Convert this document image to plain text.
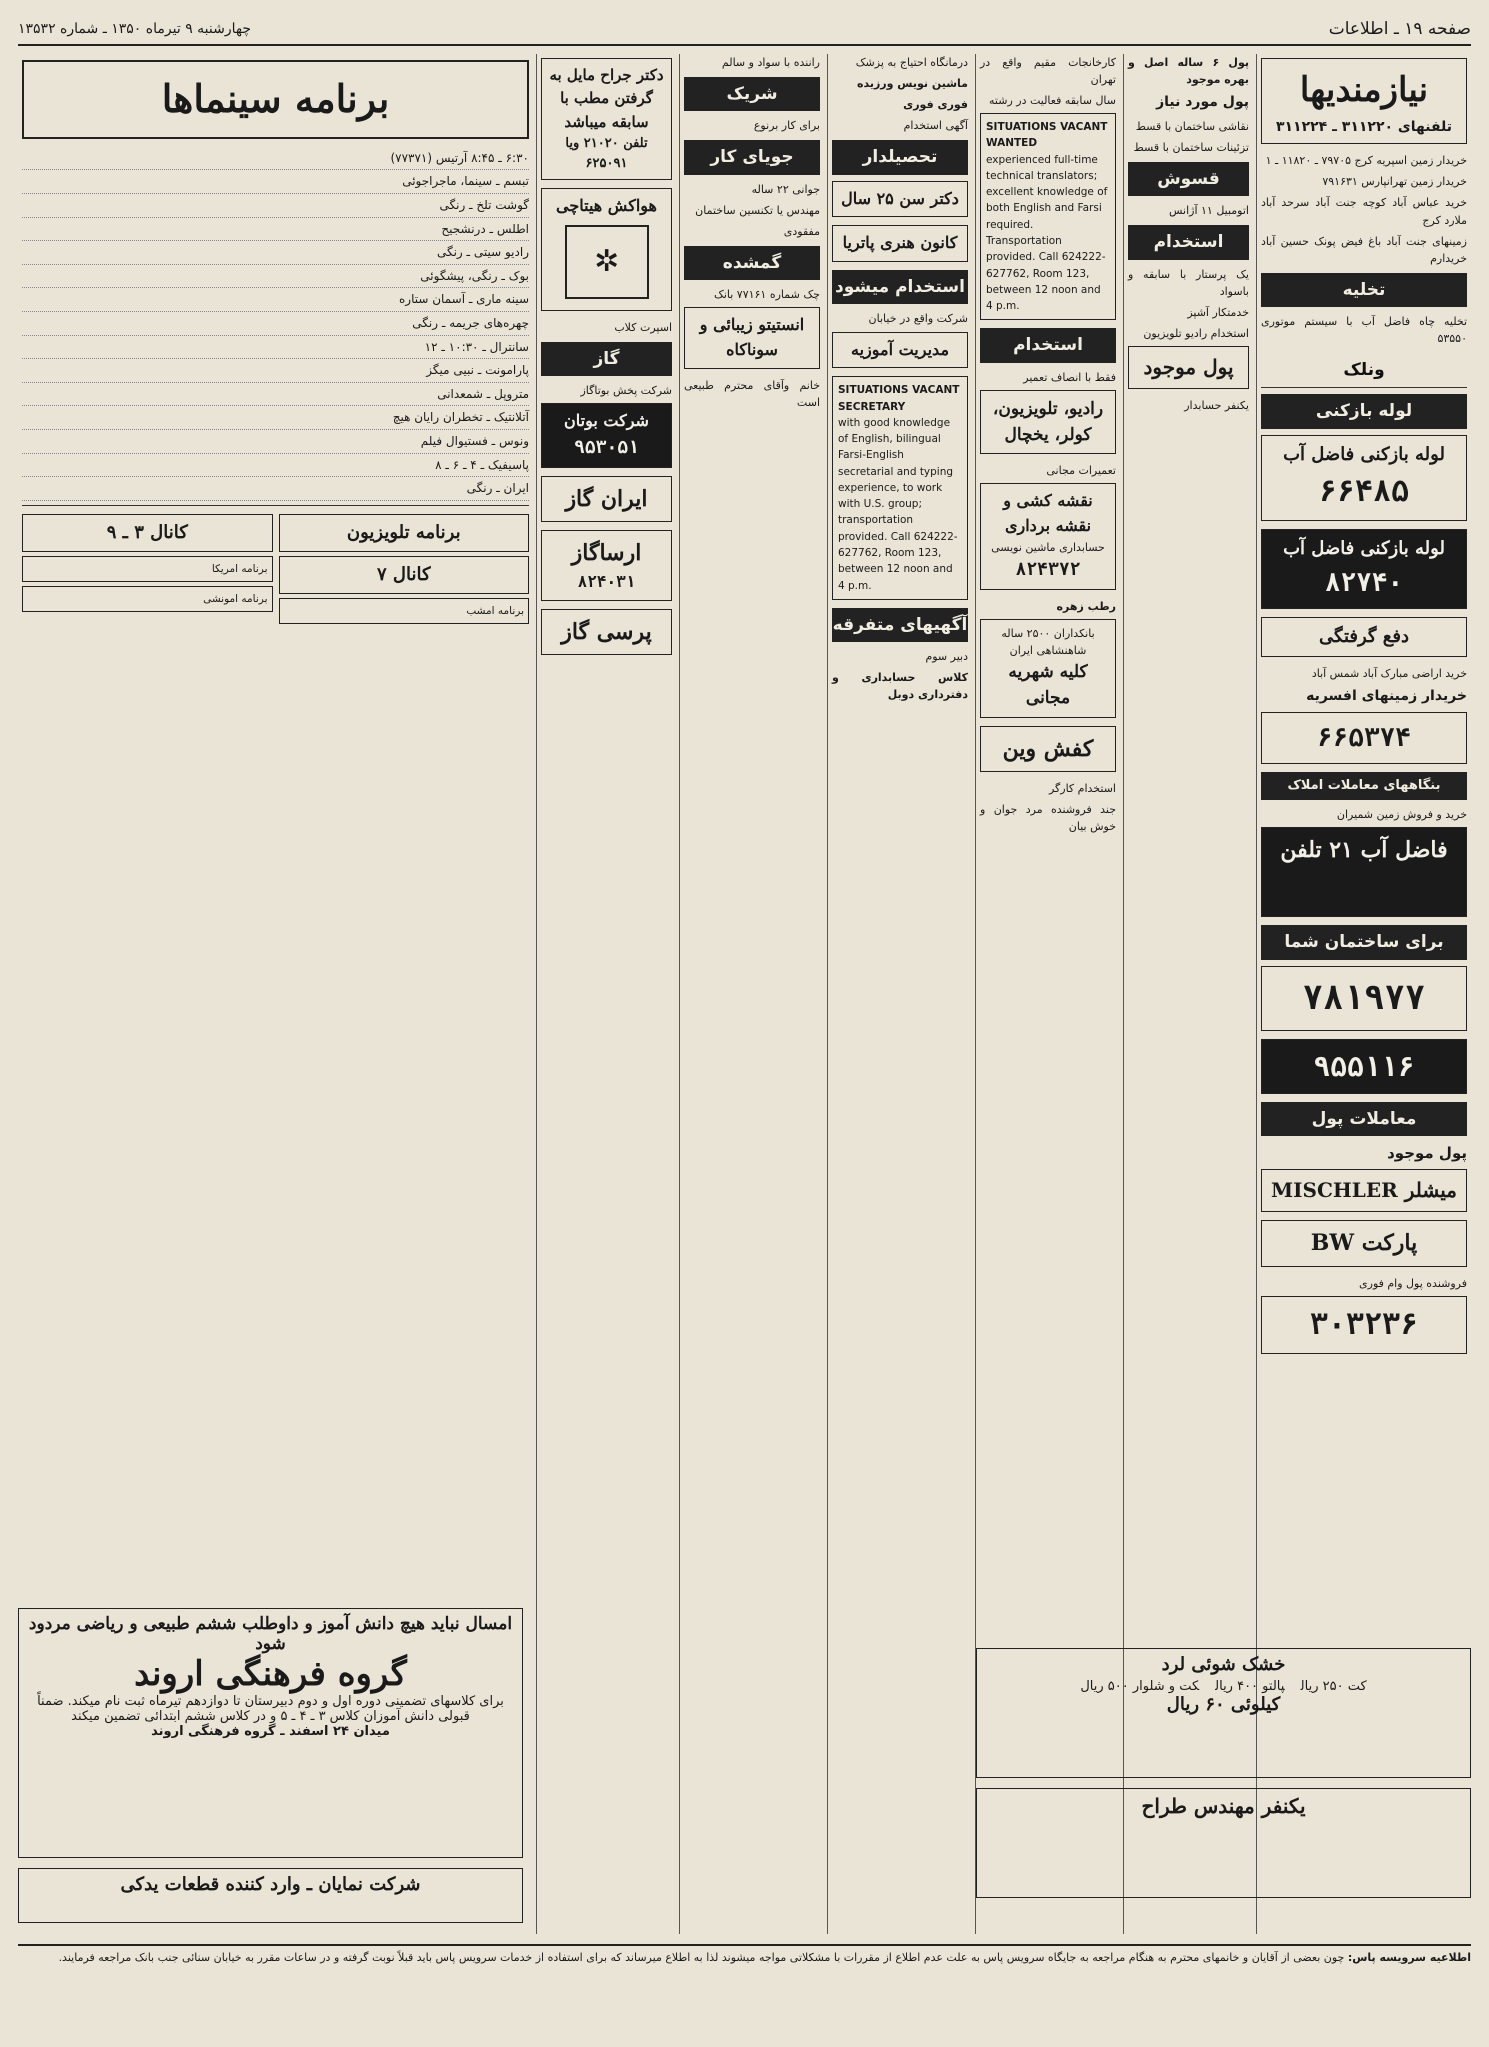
صفحه ۱۹ ـ اطلاعات
چهارشنبه ۹ تیرماه ۱۳۵۰ ـ شماره ۱۳۵۳۲
نیازمندیها
تلفنهای ۳۱۱۲۲۰ ـ ۳۱۱۲۲۴

خریدار زمین اسپریه کرج ۷۹۷۰۵ ـ ۱۱۸۲۰ ـ ۱

خریدار زمین تهرانپارس ۷۹۱۶۳۱

خرید عباس آباد کوچه جنت آباد سرحد آباد ملارد کرج

زمینهای جنت آباد باغ فیض پونک حسین آباد خریدارم

تخلیه

تخلیه چاه فاضل آب با سیستم موتوری ۵۳۵۵۰

ونلک
لوله بازکنی
لوله بازکنی فاضل آب
۶۶۴۸۵
لوله بازکنی فاضل آب
۸۲۷۴۰
دفع گرفتگی

خرید اراضی مبارک آباد شمس آباد

خریدار زمینهای افسریه

۶۶۵۳۷۴
بنگاههای معاملات املاک

خرید و فروش زمین شمیران

فاضل آب ۲۱ تلفن
برای ساختمان شما
۷۸۱۹۷۷
۹۵۵۱۱۶
معاملات پول

پول موجود

میشلر MISCHLER
پارکت BW

فروشنده پول وام فوری

۳۰۳۲۳۶

پول ۶ ساله اصل و بهره موجود

پول مورد نیاز

نقاشی ساختمان با قسط

تزئینات ساختمان با قسط

قسوش

اتومبیل ۱۱ آژانس

استخدام

یک پرستار با سابقه و باسواد

خدمتکار آشپز

استخدام رادیو تلویزیون

پول موجود

یکنفر حسابدار

کارخانجات مقیم واقع در تهران

سال سابقه فعالیت در رشته

SITUATIONS VACANT WANTED
experienced full-time technical translators; excellent knowledge of both English and Farsi required. Transportation provided. Call 624222-627762, Room 123, between 12 noon and 4 p.m.
استخدام

فقط با انصاف تعمیر

رادیو، تلویزیون، کولر، یخچال

تعمیرات مجانی

نقشه کشی و نقشه برداری
حسابداری ماشین نویسی
۸۲۴۳۷۲

رطب زهره

بانکداران ۲۵۰۰ ساله شاهنشاهی ایران
کلیه شهریه مجانی
کفش وین

استخدام کارگر

جند فروشنده مرد جوان و خوش بیان

درمانگاه احتیاج به پزشک

ماشین نویس ورزیده

فوری فوری

آگهی استخدام

تحصیلدار
دکتر سن ۲۵ سال
کانون هنری پاتریا
استخدام میشود

شرکت واقع در خیابان

مدیریت آموزیه
SITUATIONS VACANT SECRETARY
with good knowledge of English, bilingual Farsi-English secretarial and typing experience, to work with U.S. group; transportation provided. Call 624222-627762, Room 123, between 12 noon and 4 p.m.
آگهیهای متفرقه

دبیر سوم

کلاس حسابداری و دفترداری دوبل

راننده با سواد و سالم

شریک

برای کار برنوع

جویای کار

جوانی ۲۲ ساله

مهندس یا تکنسین ساختمان

مفقودی

گمشده

چک شماره ۷۷۱۶۱ بانک

انستیتو زیبائی و سوناکاه

خانم وآقای محترم طبیعی است

دکتر جراح مایل به گرفتن مطب با سابقه میباشد
تلفن ۲۱۰۲۰ ویا ۶۲۵۰۹۱
هواکش هیتاچی
✲

اسپرت کلاب

گاز

شرکت پخش بوتاگاز

شرکت بوتان
۹۵۳۰۵۱
ایران گاز
ارساگاز
۸۲۴۰۳۱
پرسی گاز
برنامه سینماها
۶:۳۰ ـ ۸:۴۵ آرتیس (۷۷۳۷۱)
تبسم ـ سینما، ماجراجوئی
گوشت تلخ ـ رنگی
اطلس ـ درنشجیح
رادیو سیتی ـ رنگی
بوک ـ رنگی، پیشگوئی
سینه ماری ـ آسمان ستاره
چهره‌های جریمه ـ رنگی
سانترال ـ ۱۰:۳۰ ـ ۱۲
پارامونت ـ نبیی میگز
متروپل ـ شمعدانی
آتلانتیک ـ تخطران رایان هیچ
ونوس ـ فستیوال فیلم
پاسیفیک ـ ۴ ـ ۶ ـ ۸
ایران ـ رنگی
برنامه تلویزیون
کانال ۷
برنامه امشب
کانال ۳ ـ ۹
برنامه امریکا
برنامه امونشی
امسال نباید هیچ دانش آموز و داوطلب ششم طبیعی و ریاضی مردود شود
گروه فرهنگی اروند
برای کلاسهای تضمینی دوره اول و دوم دبیرستان تا دوازدهم تیرماه ثبت نام میکند. ضمناً قبولی دانش آموزان کلاس ۳ ـ ۴ ـ ۵ و در کلاس ششم ابتدائی تضمین میکند
میدان ۲۴ اسفند ـ گروه فرهنگی اروند
شرکت نمایان ـ وارد کننده قطعات یدکی
خشک شوئی لرد
کت ۲۵۰ ریالپالتو ۴۰۰ ریالکت و شلوار ۵۰۰ ریال
کیلوئی ۶۰ ریال
یکنفر مهندس طراح
اطلاعیه سرویسه پاس: چون بعضی از آقایان و خانمهای محترم به هنگام مراجعه به جایگاه سرویس پاس به علت عدم اطلاع از مقررات با مشکلاتی مواجه میشوند لذا به اطلاع میرساند که برای استفاده از خدمات سرویس پاس باید قبلاً نوبت گرفته و در ساعات مقرر به خیابان سنائی جنب بانک مراجعه فرمایند.
